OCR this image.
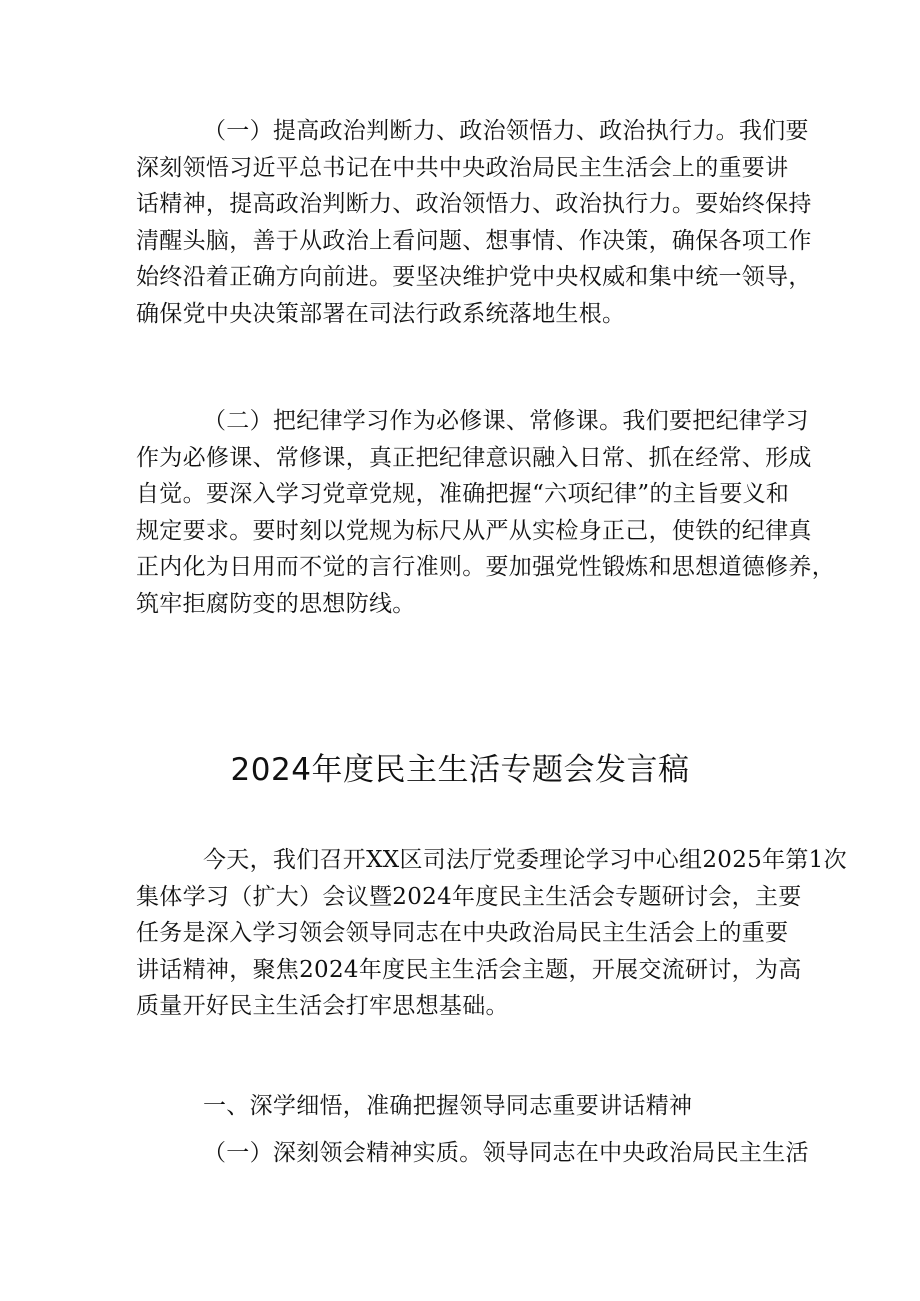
（一）提高政治判断力、政治领悟力、政治执行力。我们要
深刻领悟习近平总书记在中共中央政治局民主生活会上的重要讲
话精神，提高政治判断力、政治领悟力、政治执行力。要始终保持
清醒头脑，善于从政治上看问题、想事情、作决策，确保各项工作
始终沿着正确方向前进。要坚决维护党中央权威和集中统一领导，
确保党中央决策部署在司法行政系统落地生根。
（二）把纪律学习作为必修课、常修课。我们要把纪律学习
作为必修课、常修课，真正把纪律意识融入日常、抓在经常、形成
自觉。要深入学习党章党规，准确把握“六项纪律”的主旨要义和
规定要求。要时刻以党规为标尺从严从实检身正己，使铁的纪律真
正内化为日用而不觉的言行准则。要加强党性锻炼和思想道德修养，
筑牢拒腐防变的思想防线。
2024年度民主生活专题会发言稿
今天，我们召开XX区司法厅党委理论学习中心组2025年第1次
集体学习（扩大）会议暨2024年度民主生活会专题研讨会，主要
任务是深入学习领会领导同志在中央政治局民主生活会上的重要
讲话精神，聚焦2024年度民主生活会主题，开展交流研讨，为高
质量开好民主生活会打牢思想基础。
一、深学细悟，准确把握领导同志重要讲话精神
（一）深刻领会精神实质。领导同志在中央政治局民主生活
